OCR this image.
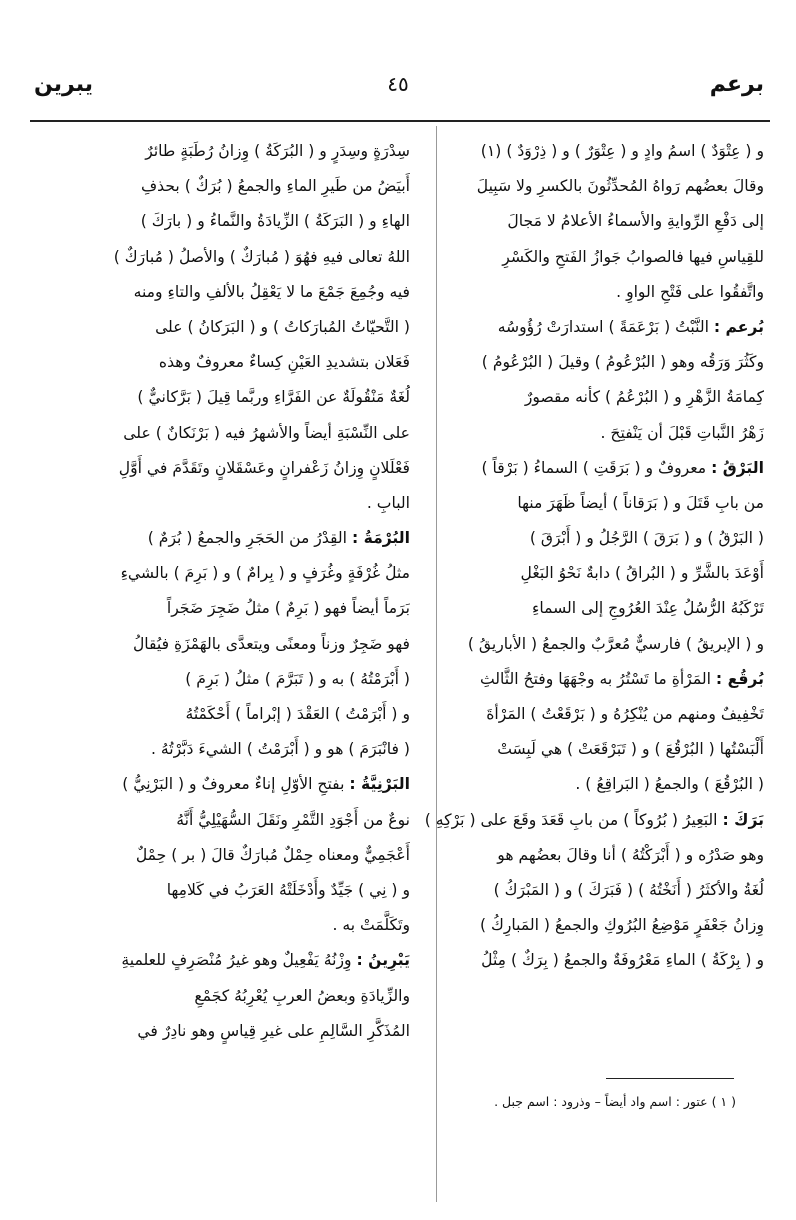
يبرين	٤٥	برعم
و ( عِتْوَدٌ ) اسمُ وادٍ و ( عِتْوَرٌ ) و ( ذِرْوَدٌ ) (١)
وقالَ بعضُهم رَواهُ المُحدِّثُونَ بالكسرِ ولا سَبِيلَ
إلى دَفْعِ الرِّوايةِ والأسماءُ الأعلامُ لا مَجالَ
للقِياسِ فيها فالصوابُ جَوازُ الفَتحِ والكَسْرِ
واتَّفقُوا على فَتْحِ الواوِ .
بُرعم : النَّبْتُ ( بَرْعَمَةً ) استدارَتْ رُؤُوسُه
وكَثُرَ وَرَقُه وهو ( البُرْعُومُ ) وقيلَ ( البُرْعُومُ )
كِمامَةُ الزَّهْرِ و ( البُرْعُمُ ) كأنه مقصورٌ
زَهْرُ النَّباتِ قَبْلَ أن يَنْفتِحَ .
البَرْقُ : معروفٌ و ( بَرَقَتِ ) السماءُ ( بَرْقاً )
من بابِ قَتَلَ و ( بَرَقاناً ) أيضاً ظَهَرَ منها
( البَرْقُ ) و ( بَرَقَ ) الرَّجُلُ و ( أَبْرَقَ )
أَوْعَدَ بالشَّرِّ و ( البُراقُ ) دابةٌ نَحْوُ البَغْلِ
تَرْكَبُهُ الرُّسُلُ عِنْدَ العُرُوجِ إلى السماءِ
و ( الإبريقُ ) فارسيٌّ مُعرَّبٌ والجمعُ ( الأباريقُ )
بُرقُع : المَرْأةِ ما تَسْتُرُ به وجْهَهَا وفتحُ الثَّالثِ
تَخْفِيفٌ ومنهم من يُنْكِرُهُ و ( بَرْقَعْتُ ) المَرْأةَ
أَلْبَسْتُها ( البُرْقُعَ ) و ( تَبَرْقَعَتْ ) هي لَبِسَتْ
( البُرْقُعَ ) والجمعُ ( البَراقِعُ ) .
بَرَكَ : البَعِيرُ ( بُرُوكاً ) من بابِ قَعَدَ وقَعَ على ( بَرْكِهِ )
وهو صَدْرُه و ( أَبْرَكْتُهُ ) أنا وقالَ بعضُهم هو
لُغَةُ والأكثَرُ ( أَنَخْتُهُ ) ( فَبَرَكَ ) و ( المَبْرَكُ )
وِزانُ جَعْفَرٍ مَوْضِعُ البُرُوكِ والجمعُ ( المَبارِكُ )
و ( بِرْكَةُ ) الماءِ مَعْرُوفَةٌ والجمعُ ( بِرَكٌ ) مِثْلُ
سِدْرَةٍ وسِدَرٍ و ( البُرَكَةُ ) وِزانُ رُطَبَةٍ طائرٌ
أَبيَضُ من طَيرِ الماءِ والجمعُ ( بُرَكٌ ) بحذفِ
الهاءِ و ( البَرَكَةُ ) الزِّيادَةُ والنَّماءُ و ( بارَكَ )
اللهُ تعالى فيهِ فهُوَ ( مُبارَكٌ ) والأصلُ ( مُبارَكٌ )
فيه وجُمِعَ جَمْعَ ما لا يَعْقِلُ بالألفِ والتاءِ ومنه
( التَّحيّاتُ المُبارَكاتُ ) و ( البَرَكانُ ) على
فَعَلان بتشديدِ العَيْنِ كِساءٌ معروفٌ وهذه
لُغَةٌ مَنْقُولَةٌ عن الفَرَّاءِ وربَّما قِيلَ ( بَرَّكانيٌّ )
على النِّسْبَةِ أيضاً والأشهرُ فيه ( بَرْنَكانٌ ) على
فَعْلَلانٍ وِزانُ زَعْفرانٍ وعَسْقَلانٍ وتَقَدَّمَ في أَوَّلِ
البابِ .
البُرْمَةُ : القِدْرُ من الحَجَرِ والجمعُ ( بُرَمٌ )
مثلُ غُرْفَةٍ وغُرَفٍ و ( بِرامٌ ) و ( بَرِمَ ) بالشيءِ
بَرَماً أيضاً فهو ( بَرِمٌ ) مثلُ ضَجِرَ ضَجَراً
فهو ضَجِرٌ وزناً ومعنًى ويتعدَّى بالهَمْزَةِ فيُقالُ
( أَبْرَمْتُهُ ) به و ( تَبَرَّمَ ) مثلُ ( بَرِمَ )
و ( أَبْرَمْتُ ) العَقْدَ ( إبْراماً ) أَحْكَمْتُهُ
( فانْبَرَمَ ) هو و ( أَبْرَمْتُ ) الشيءَ دَبَّرْتُهُ .
البَرْنِيَّةُ : بفتحِ الأوّلِ إناءٌ معروفٌ و ( البَرْنِيُّ )
نوعٌ من أَجْوَدِ التَّمْرِ ونَقَلَ السُّهَيْلِيُّ أَنَّهُ
أَعْجَمِيٌّ ومعناه حِمْلٌ مُبارَكٌ قالَ ( بر ) حِمْلٌ
و ( نِي ) جَيِّدٌ وأَدْخَلَتْهُ العَرَبُ في كَلامِها
وتَكَلَّمَتْ به .
يَبْرِينُ : وِزْنُهُ يَفْعِيلٌ وهو غيرُ مُنْصَرِفٍ للعلميةِ
والزِّيادَةِ وبعضُ العربِ يُعْرِبُهُ كجَمْعِ
المُذَكَّرِ السَّالِمِ على غيرِ قِياسٍ وهو نادِرٌ في
( ١ ) عتور : اسم واد أيضاً – وذرود : اسم جبل .
